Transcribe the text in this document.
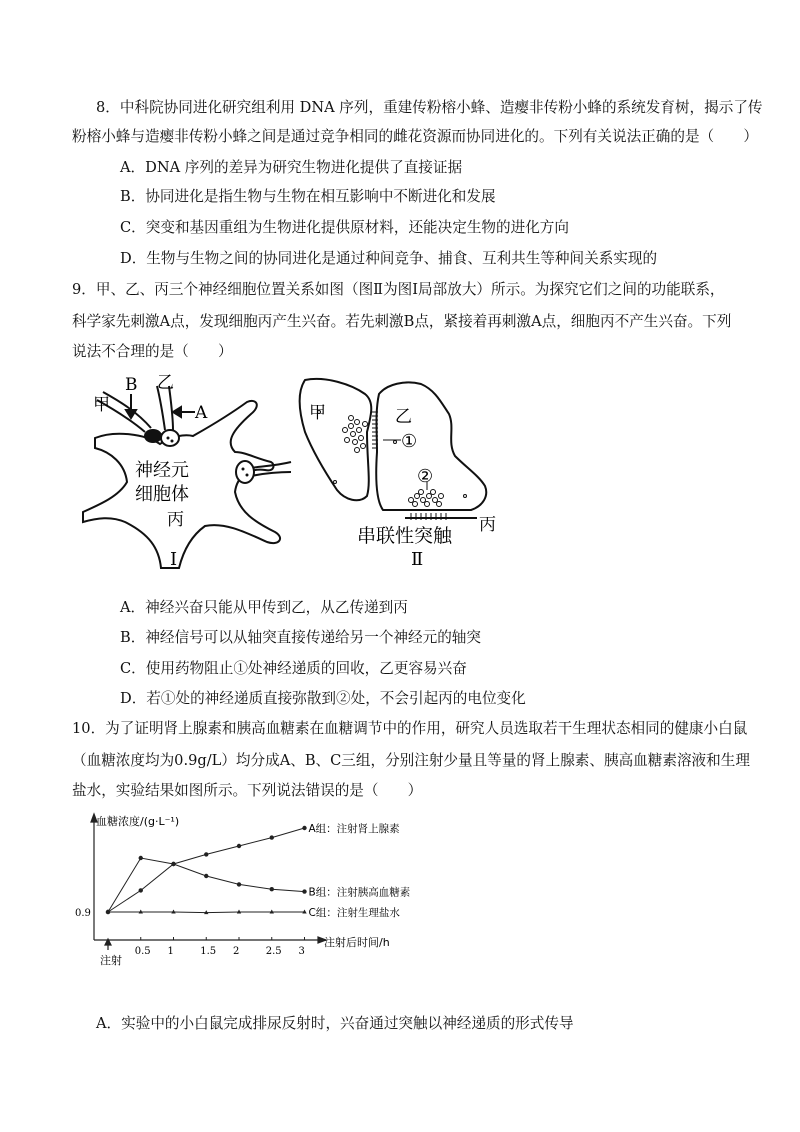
8．中科院协同进化研究组利用 DNA 序列，重建传粉榕小蜂、造瘿非传粉小蜂的系统发育树，揭示了传
粉榕小蜂与造瘿非传粉小蜂之间是通过竞争相同的雌花资源而协同进化的。下列有关说法正确的是（　　）
A．DNA 序列的差异为研究生物进化提供了直接证据
B．协同进化是指生物与生物在相互影响中不断进化和发展
C．突变和基因重组为生物进化提供原材料，还能决定生物的进化方向
D．生物与生物之间的协同进化是通过种间竞争、捕食、互利共生等种间关系实现的
9．甲、乙、丙三个神经细胞位置关系如图（图Ⅱ为图Ⅰ局部放大）所示。为探究它们之间的功能联系，
科学家先刺激A点，发现细胞丙产生兴奋。若先刺激B点，紧接着再刺激A点，细胞丙不产生兴奋。下列
说法不合理的是（　　）
B 乙
甲	A
神经元
细胞体
丙
Ⅰ
甲	乙
①
②
丙
串联性突触
Ⅱ
A．神经兴奋只能从甲传到乙，从乙传递到丙
B．神经信号可以从轴突直接传递给另一个神经元的轴突
C．使用药物阻止①处神经递质的回收，乙更容易兴奋
D．若①处的神经递质直接弥散到②处，不会引起丙的电位变化
10．为了证明肾上腺素和胰高血糖素在血糖调节中的作用，研究人员选取若干生理状态相同的健康小白鼠
（血糖浓度均为0.9g/L）均分成A、B、C三组，分别注射少量且等量的肾上腺素、胰高血糖素溶液和生理
盐水，实验结果如图所示。下列说法错误的是（　　）
血糖浓度/(g·L⁻¹)
注射后时间/h
注射
0.9
0.5 1	1.5 2	2.5 3
A组：注射肾上腺素
B组：注射胰高血糖素
C组：注射生理盐水
A．实验中的小白鼠完成排尿反射时，兴奋通过突触以神经递质的形式传导
